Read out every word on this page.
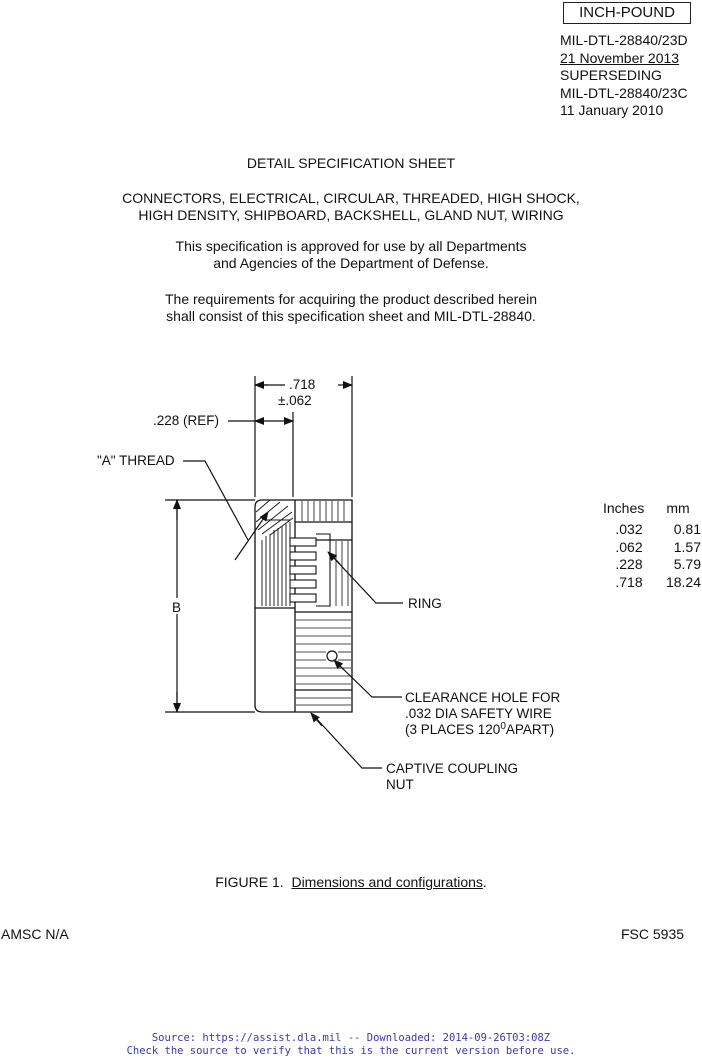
INCH-POUND
MIL-DTL-28840/23D
21 November 2013
SUPERSEDING
MIL-DTL-28840/23C
11 January 2010
DETAIL SPECIFICATION SHEET
CONNECTORS, ELECTRICAL, CIRCULAR, THREADED, HIGH SHOCK,
HIGH DENSITY, SHIPBOARD, BACKSHELL, GLAND NUT, WIRING
This specification is approved for use by all Departments
and Agencies of the Department of Defense.
The requirements for acquiring the product described herein
shall consist of this specification sheet and MIL-DTL-28840.
.718
±.062
.228 (REF)
"A" THREAD
B	RING
CLEARANCE HOLE FOR
.032 DIA SAFETY WIRE
(3 PLACES $120^0APART$)
CAPTIVE COUPLING
NUT
Inches	mm
.032	0.81
.062	1.57
.228	5.79
.718	18.24
FIGURE 1. Dimensions and configurations.
AMSC N/A	FSC 5935
Source: https://assist.dla.mil -- Downloaded: 2014-09-26T03:08Z
Check the source to verify that this is the current version before use.
